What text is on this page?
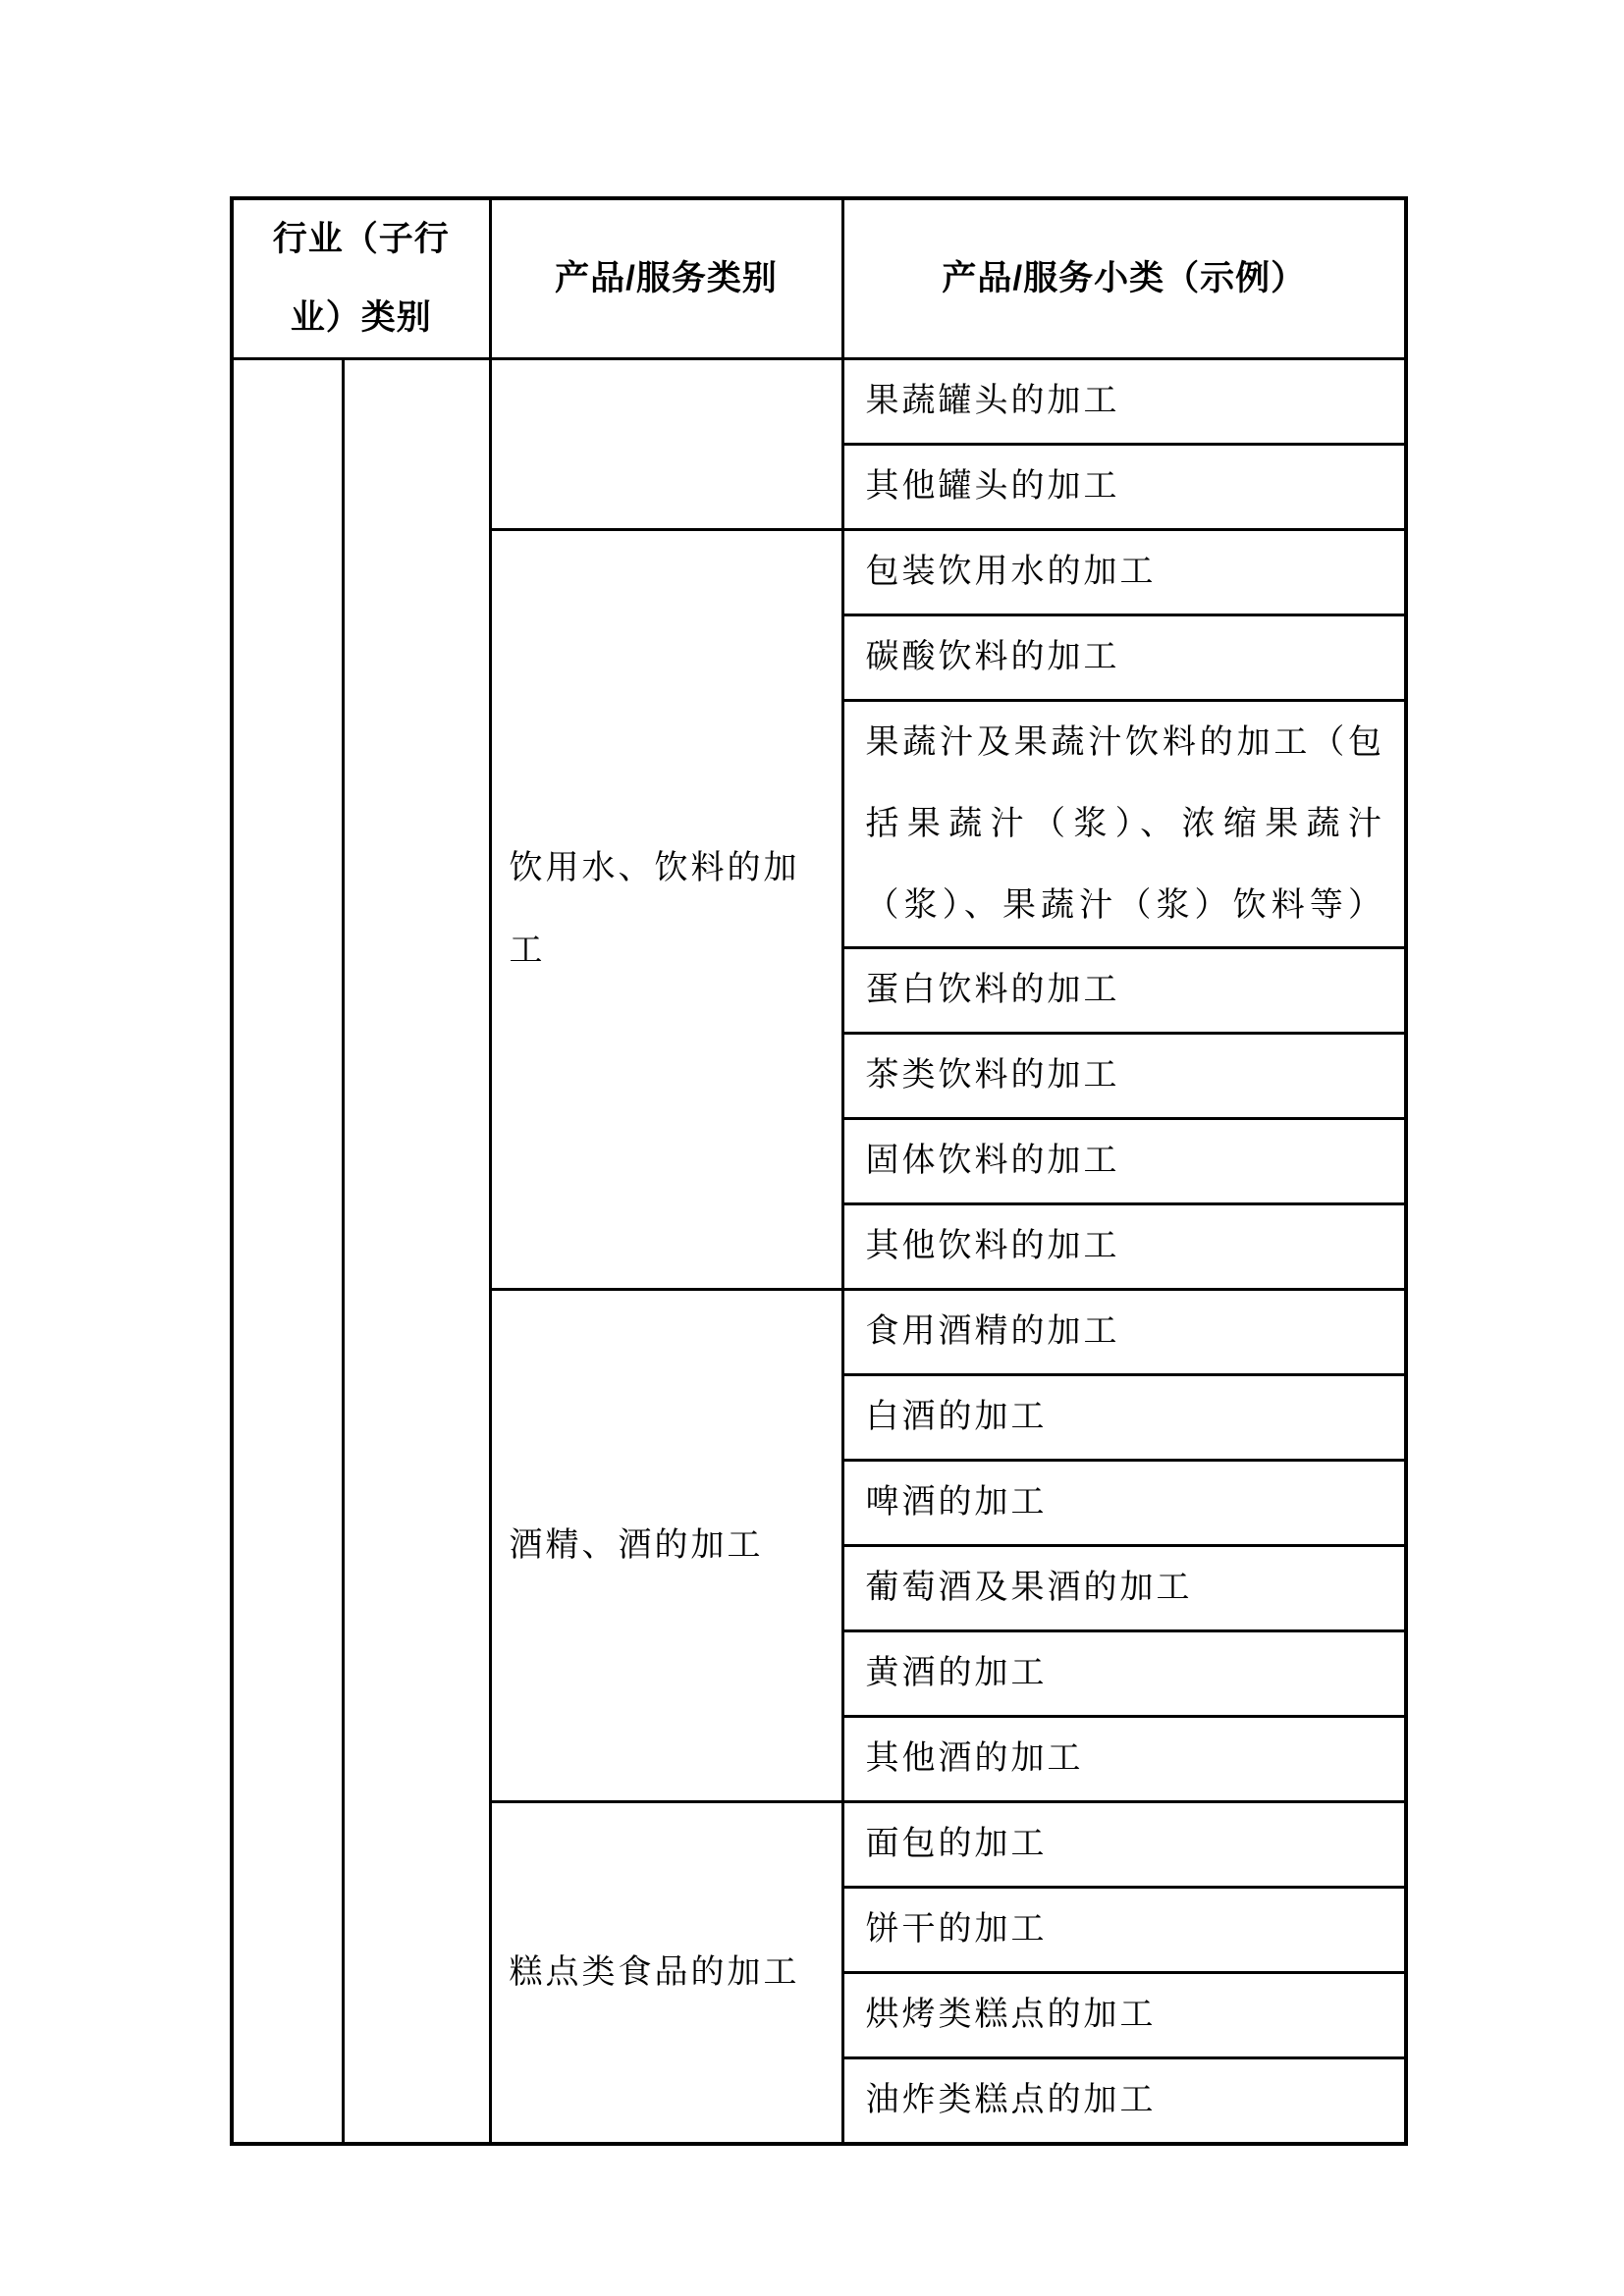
行业（子行业）类别		产品/服务类别	产品/服务小类（示例）
			果蔬罐头的加工
			其他罐头的加工
		饮用水、饮料的加工	包装饮用水的加工
			碳酸饮料的加工

			果蔬汁及果蔬汁饮料的加工（包
括果蔬汁（浆）、浓缩果蔬汁
（浆）、果蔬汁（浆）饮料等）

			蛋白饮料的加工
			茶类饮料的加工
			固体饮料的加工
			其他饮料的加工
		酒精、酒的加工	食用酒精的加工
			白酒的加工
			啤酒的加工
			葡萄酒及果酒的加工
			黄酒的加工
			其他酒的加工
		糕点类食品的加工	面包的加工
			饼干的加工
			烘烤类糕点的加工
			油炸类糕点的加工
